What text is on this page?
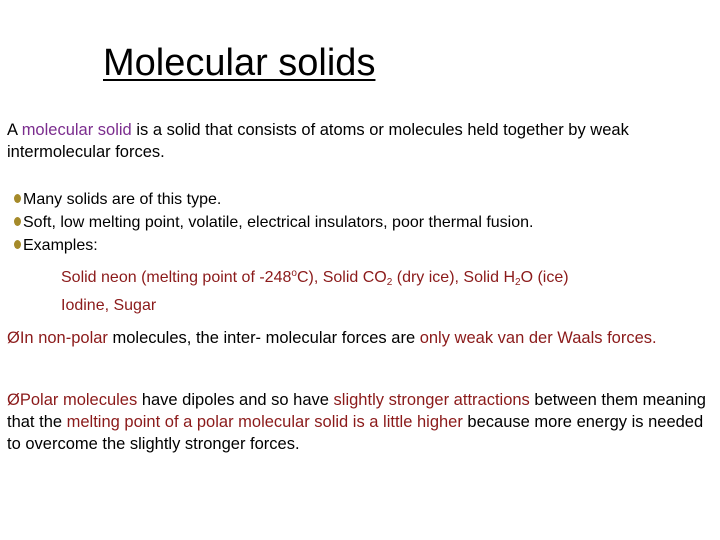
Molecular solids
A molecular solid is a solid that consists of atoms or molecules held together by weak intermolecular forces.
Many solids are of this type.
Soft, low melting point, volatile, electrical insulators, poor thermal fusion.
Examples:
Solid neon (melting point of -248$^o$C), Solid $CO_2$ (dry ice), Solid $H_2O$ (ice)
Iodine, Sugar
ØIn non-polar molecules, the inter- molecular forces are only weak van der Waals forces.
ØPolar molecules have dipoles and so have slightly stronger attractions between them meaning that the melting point of a polar molecular solid is a little higher because more energy is needed to overcome the slightly stronger forces.
